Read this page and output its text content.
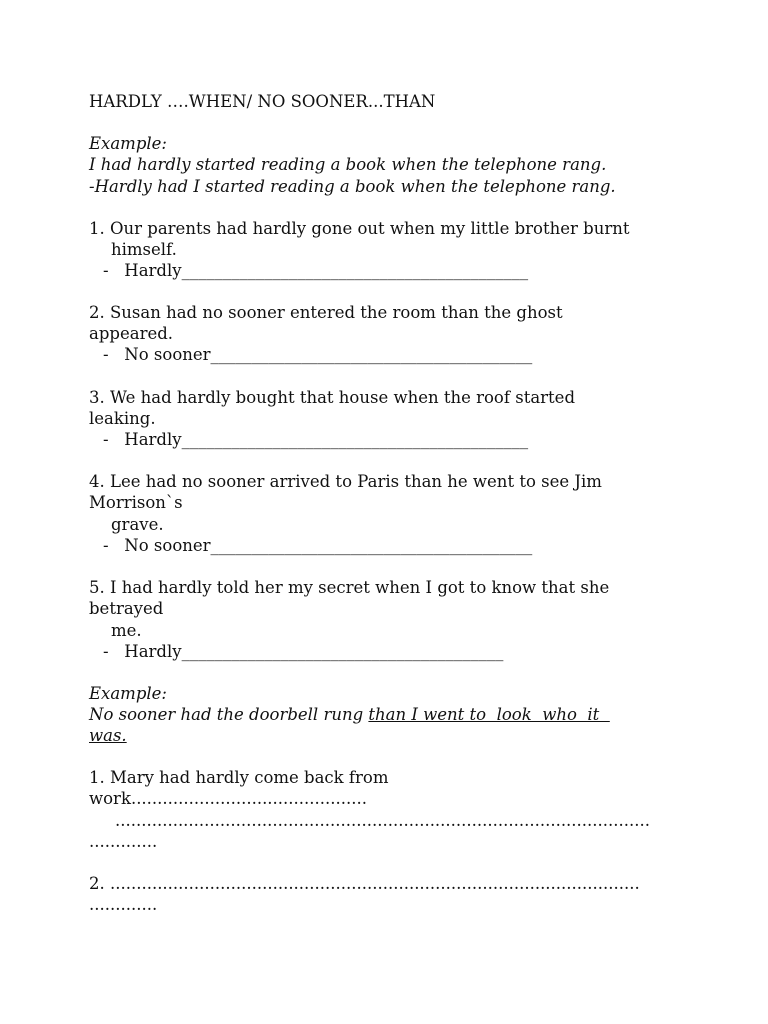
HARDLY ….WHEN/ NO SOONER...THAN
Example:
I had hardly started reading a book when the telephone rang.
-Hardly had I started reading a book when the telephone rang.
1. Our parents had hardly gone out when my little brother burnt
himself.
-   Hardly__________________________________________
2. Susan had no sooner entered the room than the ghost
appeared.
-   No sooner_______________________________________
3. We had hardly bought that house when the roof started
leaking.
-   Hardly__________________________________________
4. Lee had no sooner arrived to Paris than he went to see Jim
Morrison`s
grave.
-   No sooner_______________________________________
5. I had hardly told her my secret when I got to know that she
betrayed
me.
-   Hardly_______________________________________
Example:
No sooner had the doorbell rung than I went to  look  who  it
was.
1. Mary had hardly come back from
work.............................................
......................................................................................................
.............
2. .....................................................................................................
.............
